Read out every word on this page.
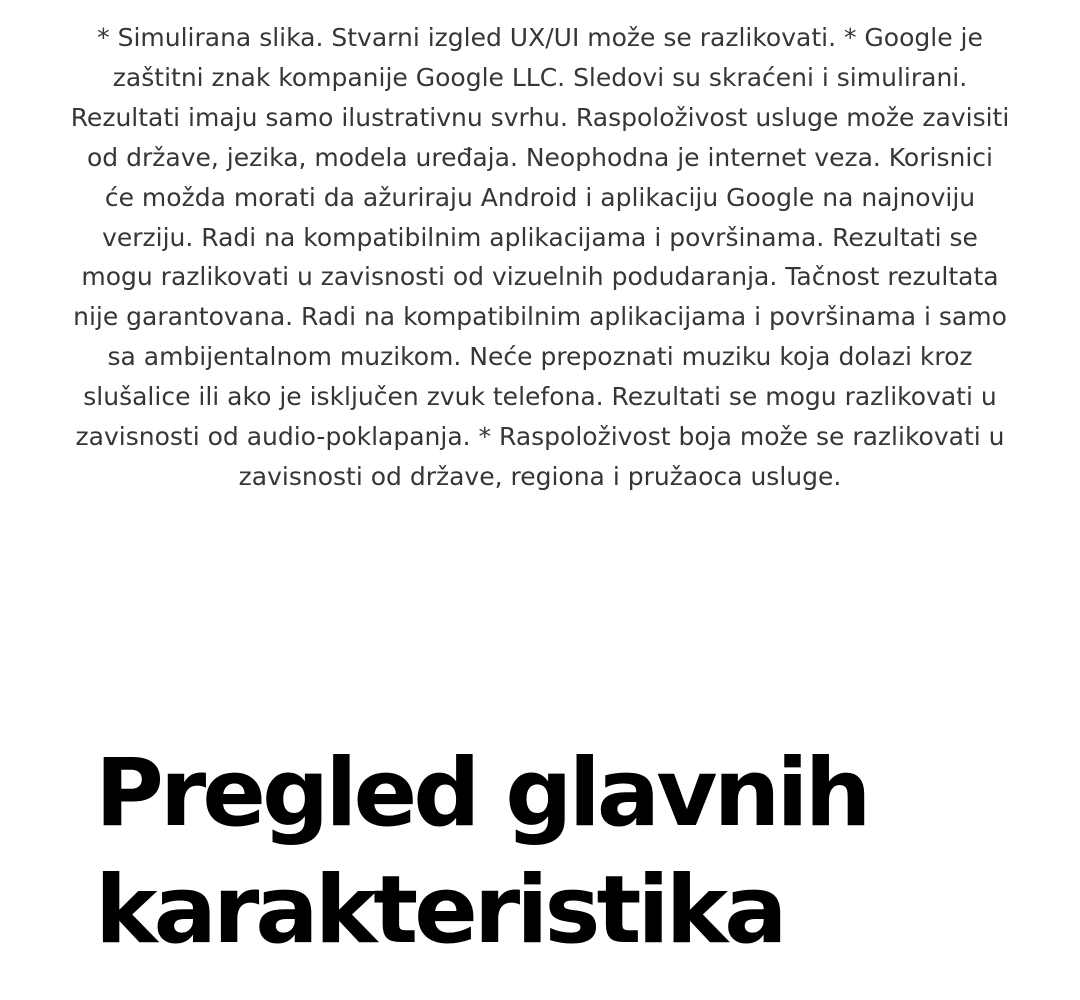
* Simulirana slika. Stvarni izgled UX/UI može se razlikovati. * Google je zaštitni znak kompanije Google LLC. Sledovi su skraćeni i simulirani. Rezultati imaju samo ilustrativnu svrhu. Raspoloživost usluge može zavisiti od države, jezika, modela uređaja. Neophodna je internet veza. Korisnici će možda morati da ažuriraju Android i aplikaciju Google na najnoviju verziju. Radi na kompatibilnim aplikacijama i površinama. Rezultati se mogu razlikovati u zavisnosti od vizuelnih podudaranja. Tačnost rezultata nije garantovana. Radi na kompatibilnim aplikacijama i površinama i samo sa ambijentalnom muzikom. Neće prepoznati muziku koja dolazi kroz slušalice ili ako je isključen zvuk telefona. Rezultati se mogu razlikovati u zavisnosti od audio-poklapanja. * Raspoloživost boja može se razlikovati u zavisnosti od države, regiona i pružaoca usluge.

Pregled glavnih karakteristika
